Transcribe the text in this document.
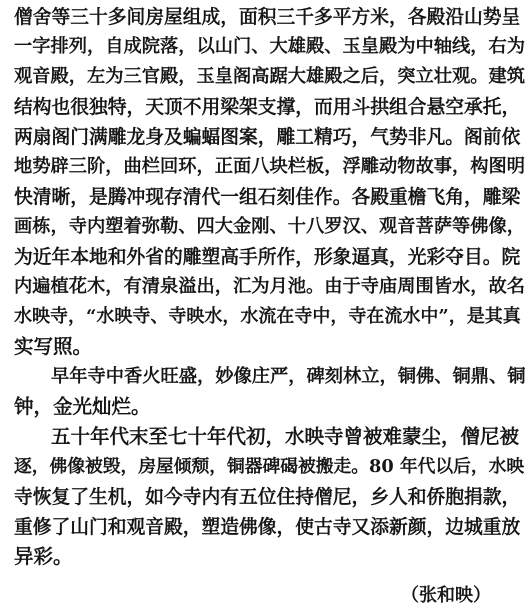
僧舍等三十多间房屋组成，面积三千多平方米，各殿沿山势呈
一字排列，自成院落，以山门、大雄殿、玉皇殿为中轴线，右为
观音殿，左为三官殿，玉皇阁高踞大雄殿之后，突立壮观。建筑
结构也很独特，天顶不用梁架支撑，而用斗拱组合悬空承托，
两扇阁门满雕龙身及蝙蝠图案，雕工精巧，气势非凡。阁前依
地势辟三阶，曲栏回环，正面八块栏板，浮雕动物故事，构图明
快清晰，是腾冲现存清代一组石刻佳作。各殿重檐飞角，雕梁
画栋，寺内塑着弥勒、四大金刚、十八罗汉、观音菩萨等佛像，
为近年本地和外省的雕塑高手所作，形象逼真，光彩夺目。院
内遍植花木，有清泉溢出，汇为月池。由于寺庙周围皆水，故名
水映寺，“水映寺、寺映水，水流在寺中，寺在流水中”，是其真
实写照。
早年寺中香火旺盛，妙像庄严，碑刻林立，铜佛、铜鼎、铜
钟，金光灿烂。
五十年代末至七十年代初，水映寺曾被难蒙尘，僧尼被
逐，佛像被毁，房屋倾颓，铜器碑碣被搬走。80 年代以后，水映
寺恢复了生机，如今寺内有五位住持僧尼，乡人和侨胞捐款，
重修了山门和观音殿，塑造佛像，使古寺又添新颜，边城重放
异彩。
（张和映）
